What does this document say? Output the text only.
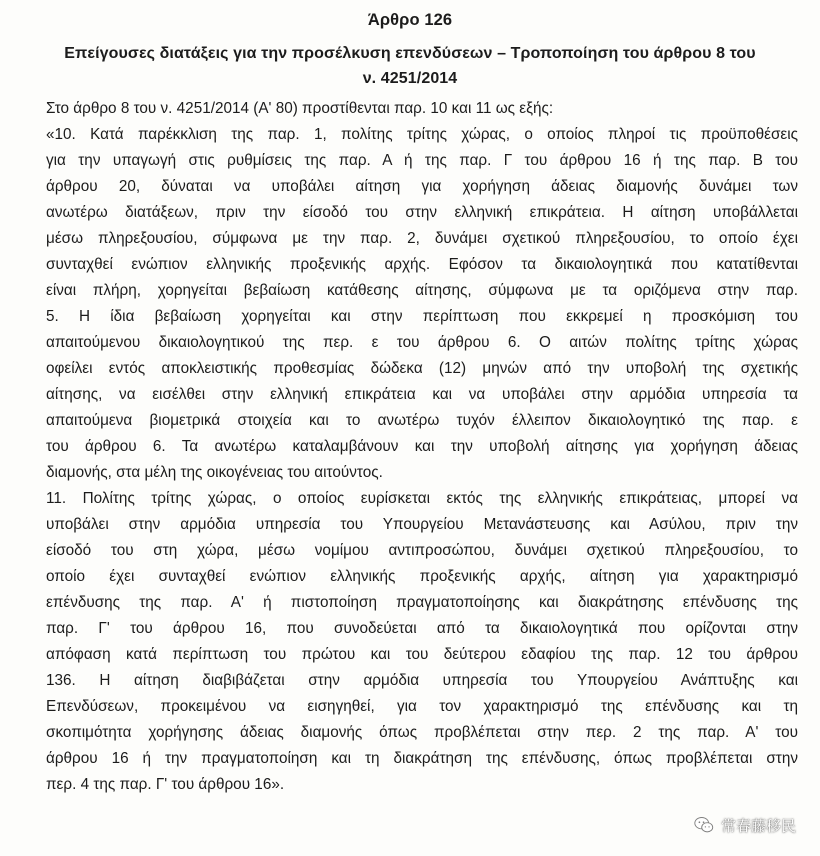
Άρθρο 126
Επείγουσες διατάξεις για την προσέλκυση επενδύσεων – Τροποποίηση του άρθρου 8 του
ν. 4251/2014
Στο άρθρο 8 του ν. 4251/2014 (Α' 80) προστίθενται παρ. 10 και 11 ως εξής:
«10. Κατά παρέκκλιση της παρ. 1, πολίτης τρίτης χώρας, ο οποίος πληροί τις προϋποθέσεις
για την υπαγωγή στις ρυθμίσεις της παρ. Α ή της παρ. Γ του άρθρου 16 ή της παρ. Β του
άρθρου 20, δύναται να υποβάλει αίτηση για χορήγηση άδειας διαμονής δυνάμει των
ανωτέρω διατάξεων, πριν την είσοδό του στην ελληνική επικράτεια. Η αίτηση υποβάλλεται
μέσω πληρεξουσίου, σύμφωνα με την παρ. 2, δυνάμει σχετικού πληρεξουσίου, το οποίο έχει
συνταχθεί ενώπιον ελληνικής προξενικής αρχής. Εφόσον τα δικαιολογητικά που κατατίθενται
είναι πλήρη, χορηγείται βεβαίωση κατάθεσης αίτησης, σύμφωνα με τα οριζόμενα στην παρ.
5. Η ίδια βεβαίωση χορηγείται και στην περίπτωση που εκκρεμεί η προσκόμιση του
απαιτούμενου δικαιολογητικού της περ. ε του άρθρου 6. Ο αιτών πολίτης τρίτης χώρας
οφείλει εντός αποκλειστικής προθεσμίας δώδεκα (12) μηνών από την υποβολή της σχετικής
αίτησης, να εισέλθει στην ελληνική επικράτεια και να υποβάλει στην αρμόδια υπηρεσία τα
απαιτούμενα βιομετρικά στοιχεία και το ανωτέρω τυχόν έλλειπον δικαιολογητικό της παρ. ε
του άρθρου 6. Τα ανωτέρω καταλαμβάνουν και την υποβολή αίτησης για χορήγηση άδειας
διαμονής, στα μέλη της οικογένειας του αιτούντος.
11. Πολίτης τρίτης χώρας, ο οποίος ευρίσκεται εκτός της ελληνικής επικράτειας, μπορεί να
υποβάλει στην αρμόδια υπηρεσία του Υπουργείου Μετανάστευσης και Ασύλου, πριν την
είσοδό του στη χώρα, μέσω νομίμου αντιπροσώπου, δυνάμει σχετικού πληρεξουσίου, το
οποίο έχει συνταχθεί ενώπιον ελληνικής προξενικής αρχής, αίτηση για χαρακτηρισμό
επένδυσης της παρ. Α' ή πιστοποίηση πραγματοποίησης και διακράτησης επένδυσης της
παρ. Γ' του άρθρου 16, που συνοδεύεται από τα δικαιολογητικά που ορίζονται στην
απόφαση κατά περίπτωση του πρώτου και του δεύτερου εδαφίου της παρ. 12 του άρθρου
136. Η αίτηση διαβιβάζεται στην αρμόδια υπηρεσία του Υπουργείου Ανάπτυξης και
Επενδύσεων, προκειμένου να εισηγηθεί, για τον χαρακτηρισμό της επένδυσης και τη
σκοπιμότητα χορήγησης άδειας διαμονής όπως προβλέπεται στην περ. 2 της παρ. Α' του
άρθρου 16 ή την πραγματοποίηση και τη διακράτηση της επένδυσης, όπως προβλέπεται στην
περ. 4 της παρ. Γ' του άρθρου 16».
常春藤移民
